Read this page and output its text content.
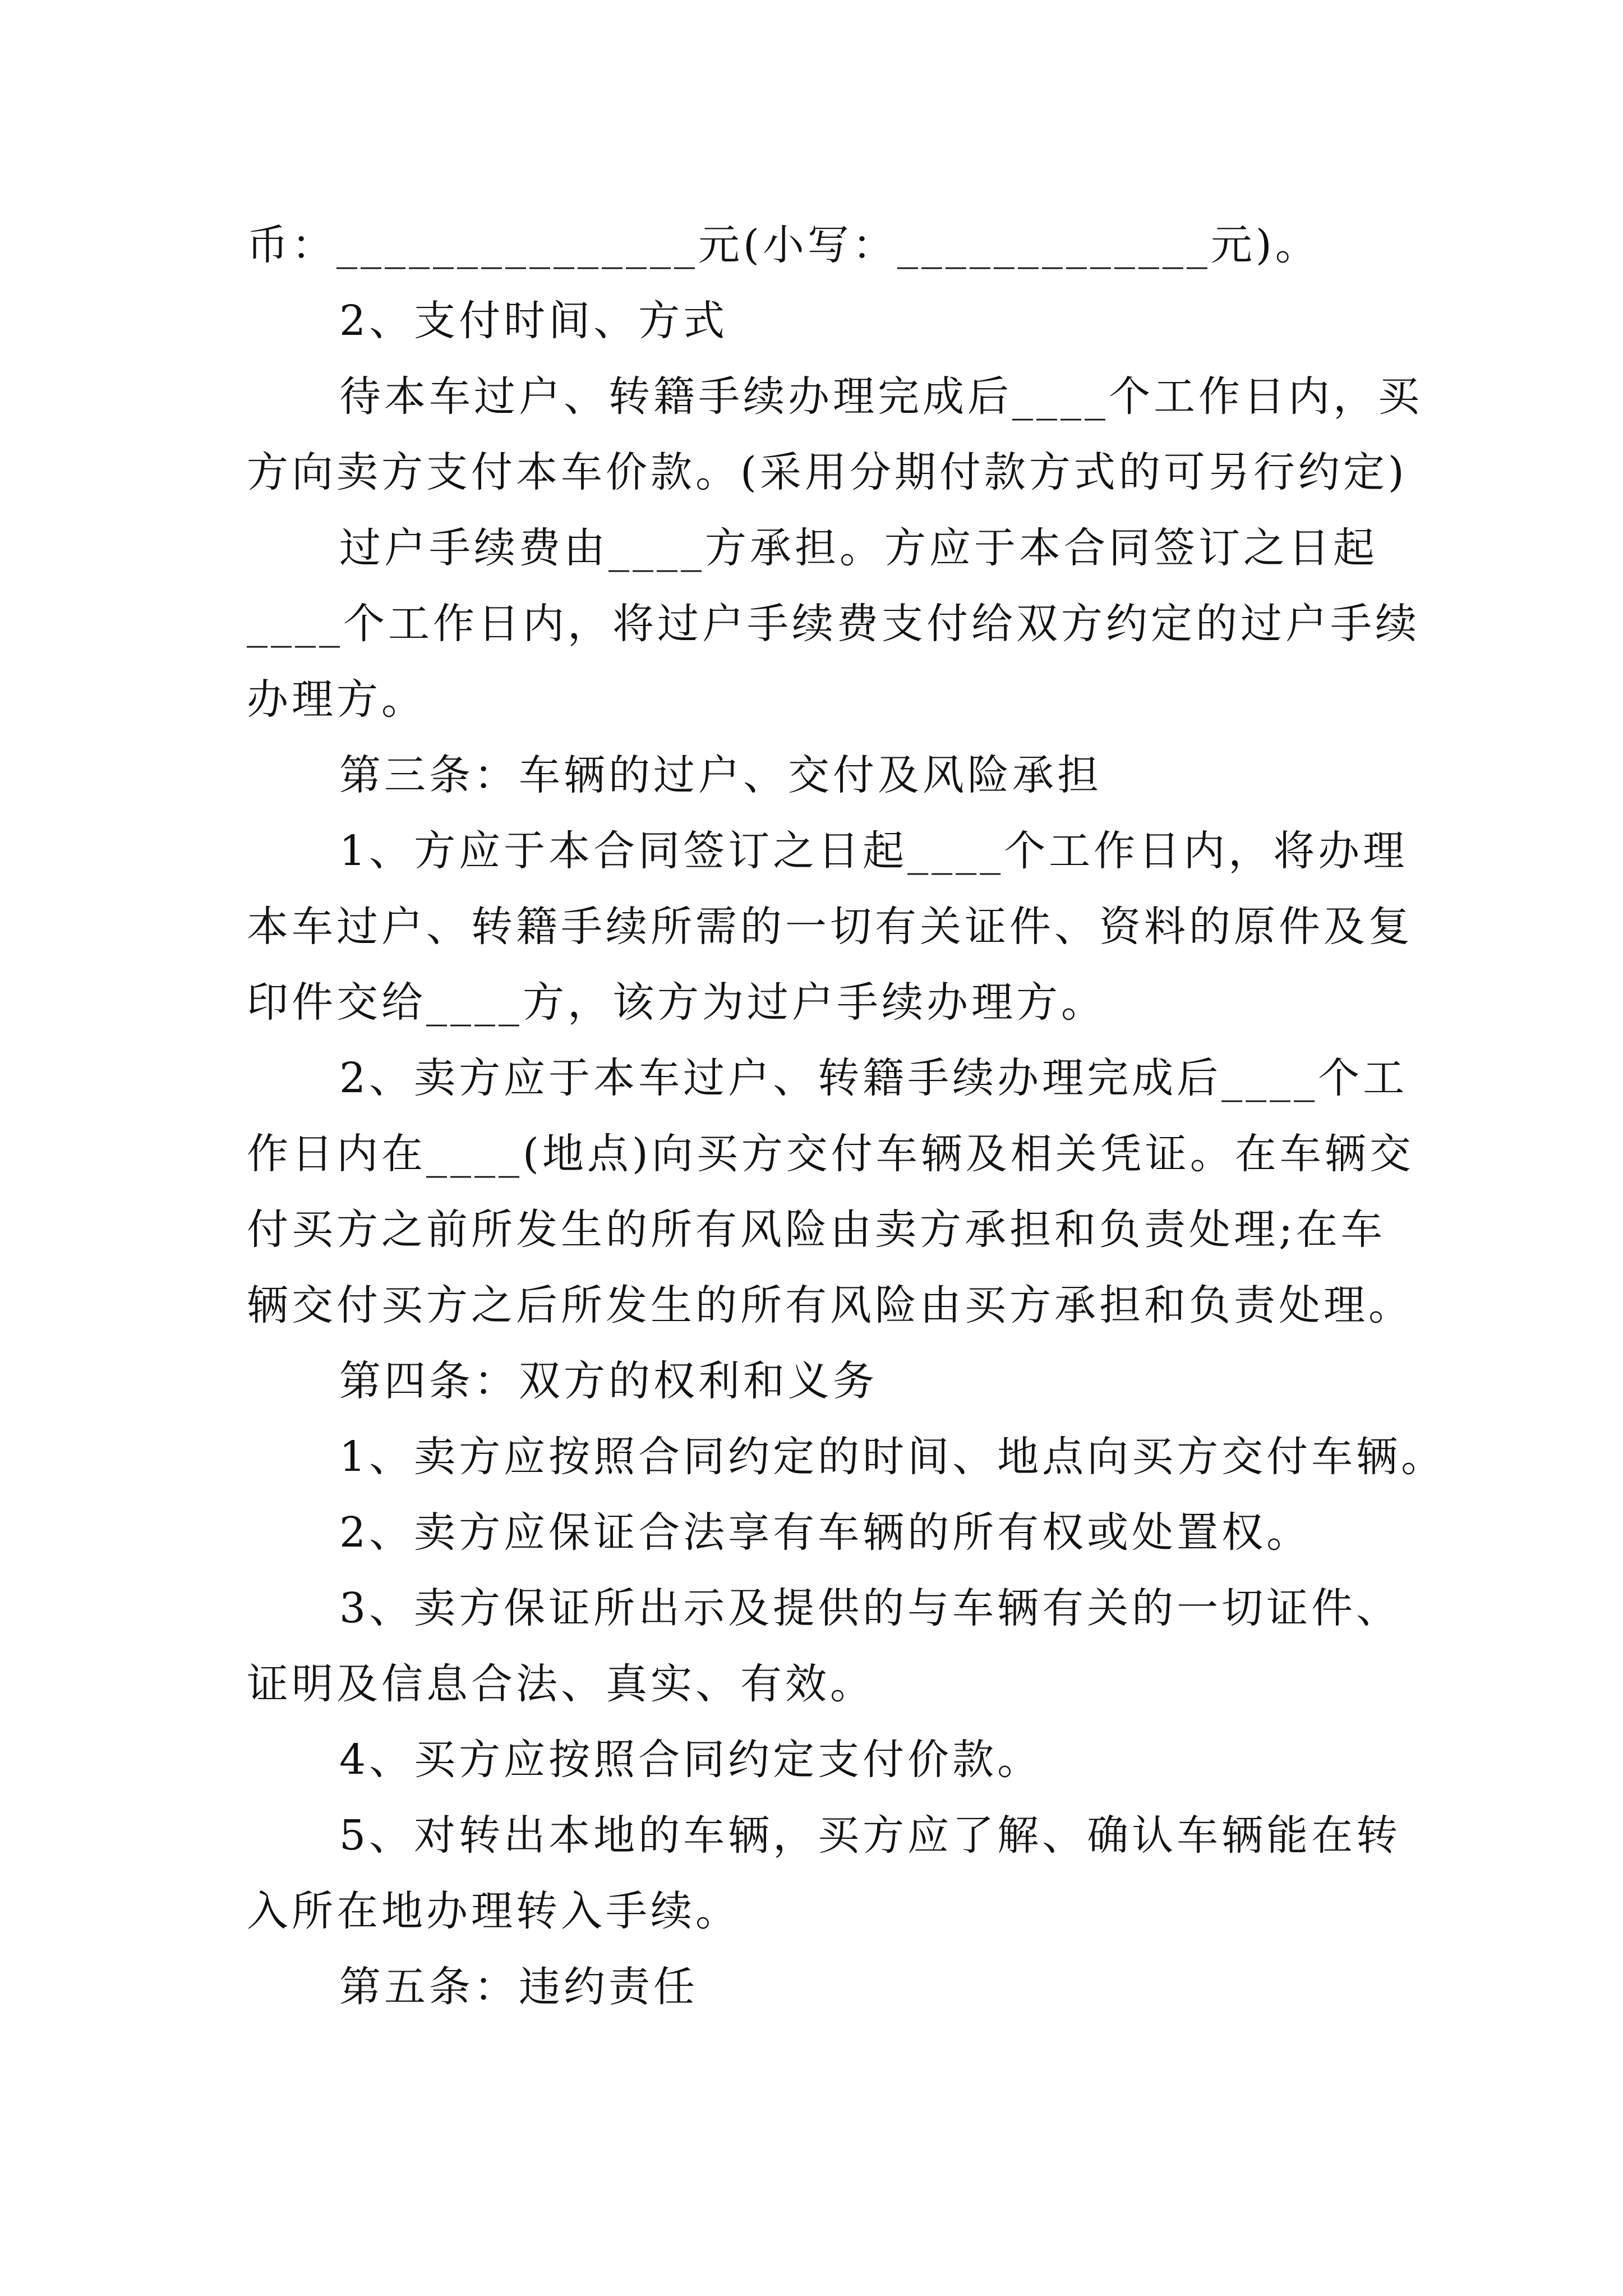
币：_______________元(小写：_____________元)。
2、支付时间、方式
待本车过户、转籍手续办理完成后____个工作日内，买
方向卖方支付本车价款。(采用分期付款方式的可另行约定)
过户手续费由____方承担。方应于本合同签订之日起
____个工作日内，将过户手续费支付给双方约定的过户手续
办理方。
第三条：车辆的过户、交付及风险承担
1、方应于本合同签订之日起____个工作日内，将办理
本车过户、转籍手续所需的一切有关证件、资料的原件及复
印件交给____方，该方为过户手续办理方。
2、卖方应于本车过户、转籍手续办理完成后____个工
作日内在____(地点)向买方交付车辆及相关凭证。在车辆交
付买方之前所发生的所有风险由卖方承担和负责处理;在车
辆交付买方之后所发生的所有风险由买方承担和负责处理。
第四条：双方的权利和义务
1、卖方应按照合同约定的时间、地点向买方交付车辆。
2、卖方应保证合法享有车辆的所有权或处置权。
3、卖方保证所出示及提供的与车辆有关的一切证件、
证明及信息合法、真实、有效。
4、买方应按照合同约定支付价款。
5、对转出本地的车辆，买方应了解、确认车辆能在转
入所在地办理转入手续。
第五条：违约责任
